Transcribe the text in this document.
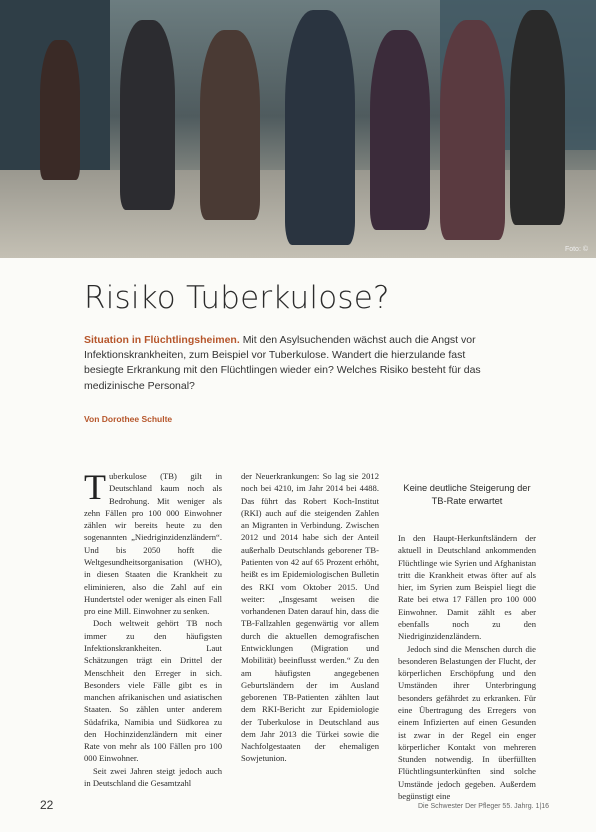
Foto: ©
Risiko Tuberkulose?

Situation in Flüchtlingsheimen. Mit den Asylsuchenden wächst auch die Angst vor Infektionskrankheiten, zum Beispiel vor Tuberkulose. Wandert die hierzulande fast besiegte Erkrankung mit den Flüchtlingen wieder ein? Welches Risiko besteht für das medizinische Personal?

Von Dorothee Schulte

Tuberkulose (TB) gilt in Deutschland kaum noch als Bedrohung. Mit weniger als zehn Fällen pro 100 000 Einwohner zählen wir bereits heute zu den sogenannten „Niedriginzidenzländern“. Und bis 2050 hofft die Weltgesundheitsorganisation (WHO), in diesen Staaten die Krankheit zu eliminieren, also die Zahl auf ein Hundertstel oder weniger als einen Fall pro eine Mill. Einwohner zu senken.

Doch weltweit gehört TB noch immer zu den häufigsten Infektionskrankheiten. Laut Schätzungen trägt ein Drittel der Menschheit den Erreger in sich. Besonders viele Fälle gibt es in manchen afrikanischen und asiatischen Staaten. So zählen unter anderem Südafrika, Namibia und Südkorea zu den Hochinzidenzländern mit einer Rate von mehr als 100 Fällen pro 100 000 Einwohner.

Seit zwei Jahren steigt jedoch auch in Deutschland die Gesamtzahl

der Neuerkrankungen: So lag sie 2012 noch bei 4210, im Jahr 2014 bei 4488. Das führt das Robert Koch-Institut (RKI) auch auf die steigenden Zahlen an Migranten in Verbindung. Zwischen 2012 und 2014 habe sich der Anteil außerhalb Deutschlands geborener TB-Patienten von 42 auf 65 Prozent erhöht, heißt es im Epidemiologischen Bulletin des RKI vom Oktober 2015. Und weiter: „Insgesamt weisen die vorhandenen Daten darauf hin, dass die TB-Fallzahlen gegenwärtig vor allem durch die aktuellen demografischen Entwicklungen (Migration und Mobilität) beeinflusst werden.“ Zu den am häufigsten angegebenen Geburtsländern der im Ausland geborenen TB-Patienten zählten laut dem RKI-Bericht zur Epidemiologie der Tuberkulose in Deutschland aus dem Jahr 2013 die Türkei sowie die Nachfolgestaaten der ehemaligen Sowjetunion.

Keine deutliche Steigerung der TB-Rate erwartet

In den Haupt-Herkunftsländern der aktuell in Deutschland ankommenden Flüchtlinge wie Syrien und Afghanistan tritt die Krankheit etwas öfter auf als hier, im Syrien zum Beispiel liegt die Rate bei etwa 17 Fällen pro 100 000 Einwohner. Damit zählt es aber ebenfalls noch zu den Niedriginzidenzländern.

Jedoch sind die Menschen durch die besonderen Belastungen der Flucht, der körperlichen Erschöpfung und den Umständen ihrer Unterbringung besonders gefährdet zu erkranken. Für eine Übertragung des Erregers von einem Infizierten auf einen Gesunden ist zwar in der Regel ein enger körperlicher Kontakt von mehreren Stunden notwendig. In überfüllten Flüchtlingsunterkünften sind solche Umstände jedoch gegeben. Außerdem begünstigt eine

22	Die Schwester Der Pfleger 55. Jahrg. 1|16
